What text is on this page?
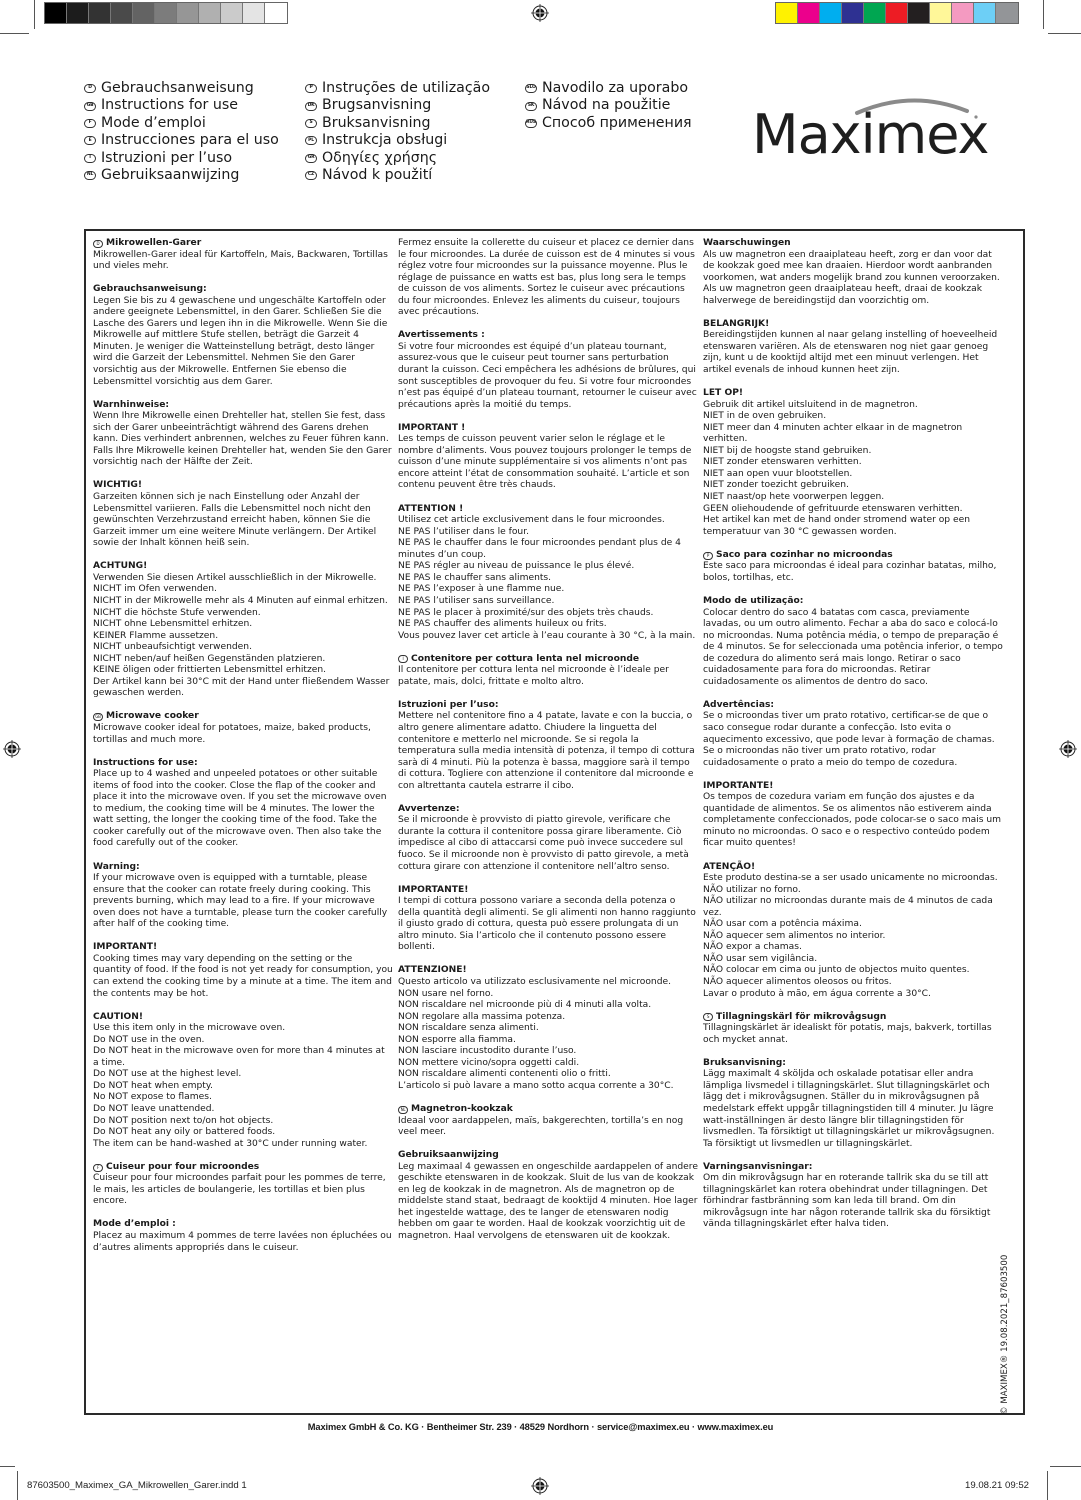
D Gebrauchsanweisung
GB Instructions for use
F Mode d’emploi
E Instrucciones para el uso
I Istruzioni per l’uso
NL Gebruiksaanwijzing
P Instruções de utilização
DK Brugsanvisning
S Bruksanvisning
PL Instrukcja obsługi
GR Οδηγίες χρήσης
CZ Návod k použití
SLO Navodilo za uporabo
SK Návod na použitie
RUS Способ применения Maximex
D Mikrowellen-Garer

Mikrowellen-Garer ideal für Kartoffeln, Mais, Backwaren, Tortillas und vieles mehr.

Gebrauchsanweisung:

Legen Sie bis zu 4 gewaschene und ungeschälte Kartoffeln oder andere geeignete Lebensmittel, in den Garer. Schließen Sie die Lasche des Garers und legen ihn in die Mikrowelle. Wenn Sie die Mikrowelle auf mittlere Stufe stellen, beträgt die Garzeit 4 Minuten. Je weniger die Watteinstellung beträgt, desto länger wird die Garzeit der Lebensmittel. Nehmen Sie den Garer vorsichtig aus der Mikrowelle. Entfernen Sie ebenso die Lebensmittel vorsichtig aus dem Garer.

Warnhinweise:

Wenn Ihre Mikrowelle einen Drehteller hat, stellen Sie fest, dass sich der Garer unbeeinträchtigt während des Garens drehen kann. Dies verhindert anbrennen, welches zu Feuer führen kann. Falls Ihre Mikrowelle keinen Drehteller hat, wenden Sie den Garer vorsichtig nach der Hälfte der Zeit.

WICHTIG!

Garzeiten können sich je nach Einstellung oder Anzahl der Lebensmittel variieren. Falls die Lebensmittel noch nicht den gewünschten Verzehrzustand erreicht haben, können Sie die Garzeit immer um eine weitere Minute verlängern. Der Artikel sowie der Inhalt können heiß sein.

ACHTUNG!

Verwenden Sie diesen Artikel ausschließlich in der Mikrowelle.

NICHT im Ofen verwenden.

NICHT in der Mikrowelle mehr als 4 Minuten auf einmal erhitzen.

NICHT die höchste Stufe verwenden.

NICHT ohne Lebensmittel erhitzen.

KEINER Flamme aussetzen.

NICHT unbeaufsichtigt verwenden.

NICHT neben/auf heißen Gegenständen platzieren.

KEINE öligen oder frittierten Lebensmittel erhitzen.

Der Artikel kann bei 30°C mit der Hand unter fließendem Wasser gewaschen werden.

GB Microwave cooker

Microwave cooker ideal for potatoes, maize, baked products, tortillas and much more.

Instructions for use:

Place up to 4 washed and unpeeled potatoes or other suitable items of food into the cooker. Close the flap of the cooker and place it into the microwave oven. If you set the microwave oven to medium, the cooking time will be 4 minutes. The lower the watt setting, the longer the cooking time of the food. Take the cooker carefully out of the microwave oven. Then also take the food carefully out of the cooker.

Warning:

If your microwave oven is equipped with a turntable, please ensure that the cooker can rotate freely during cooking. This prevents burning, which may lead to a fire. If your microwave oven does not have a turntable, please turn the cooker carefully after half of the cooking time.

IMPORTANT!

Cooking times may vary depending on the setting or the quantity of food. If the food is not yet ready for consumption, you can extend the cooking time by a minute at a time. The item and the contents may be hot.

CAUTION!

Use this item only in the microwave oven.

Do NOT use in the oven.

Do NOT heat in the microwave oven for more than 4 minutes at a time.

Do NOT use at the highest level.

Do NOT heat when empty.

No NOT expose to flames.

Do NOT leave unattended.

Do NOT position next to/on hot objects.

Do NOT heat any oily or battered foods.

The item can be hand-washed at 30°C under running water.

F Cuiseur pour four microondes

Cuiseur pour four microondes parfait pour les pommes de terre, le mais, les articles de boulangerie, les tortillas et bien plus encore.

Mode d’emploi :

Placez au maximum 4 pommes de terre lavées non épluchées ou d’autres aliments appropriés dans le cuiseur.

Fermez ensuite la collerette du cuiseur et placez ce dernier dans le four microondes. La durée de cuisson est de 4 minutes si vous réglez votre four microondes sur la puissance moyenne. Plus le réglage de puissance en watts est bas, plus long sera le temps de cuisson de vos aliments. Sortez le cuiseur avec précautions du four microondes. Enlevez les aliments du cuiseur, toujours avec précautions.

Avertissements :

Si votre four microondes est équipé d’un plateau tournant, assurez-vous que le cuiseur peut tourner sans perturbation durant la cuisson. Ceci empêchera les adhésions de brûlures, qui sont susceptibles de provoquer du feu. Si votre four microondes n’est pas équipé d’un plateau tournant, retourner le cuiseur avec précautions après la moitié du temps.

IMPORTANT !

Les temps de cuisson peuvent varier selon le réglage et le nombre d’aliments. Vous pouvez toujours prolonger le temps de cuisson d’une minute supplémentaire si vos aliments n’ont pas encore atteint l’état de consommation souhaité. L’article et son contenu peuvent être très chauds.

ATTENTION !

Utilisez cet article exclusivement dans le four microondes.

NE PAS l’utiliser dans le four.

NE PAS le chauffer dans le four microondes pendant plus de 4 minutes d’un coup.

NE PAS régler au niveau de puissance le plus élevé.

NE PAS le chauffer sans aliments.

NE PAS l’exposer à une flamme nue.

NE PAS l’utiliser sans surveillance.

NE PAS le placer à proximité/sur des objets très chauds.

NE PAS chauffer des aliments huileux ou frits.

Vous pouvez laver cet article à l’eau courante à 30 °C, à la main.

I Contenitore per cottura lenta nel microonde

Il contenitore per cottura lenta nel microonde è l’ideale per patate, mais, dolci, frittate e molto altro.

Istruzioni per l’uso:

Mettere nel contenitore fino a 4 patate, lavate e con la buccia, o altro genere alimentare adatto. Chiudere la linguetta del contenitore e metterlo nel microonde. Se si regola la temperatura sulla media intensità di potenza, il tempo di cottura sarà di 4 minuti. Più la potenza è bassa, maggiore sarà il tempo di cottura. Togliere con attenzione il contenitore dal microonde e con altrettanta cautela estrarre il cibo.

Avvertenze:

Se il microonde è provvisto di piatto girevole, verificare che durante la cottura il contenitore possa girare liberamente. Ciò impedisce al cibo di attaccarsi come può invece succedere sul fuoco. Se il microonde non è provvisto di patto girevole, a metà cottura girare con attenzione il contenitore nell’altro senso.

IMPORTANTE!

I tempi di cottura possono variare a seconda della potenza o della quantità degli alimenti. Se gli alimenti non hanno raggiunto il giusto grado di cottura, questa può essere prolungata di un altro minuto. Sia l’articolo che il contenuto possono essere bollenti.

ATTENZIONE!

Questo articolo va utilizzato esclusivamente nel microonde.

NON usare nel forno.

NON riscaldare nel microonde più di 4 minuti alla volta.

NON regolare alla massima potenza.

NON riscaldare senza alimenti.

NON esporre alla fiamma.

NON lasciare incustodito durante l’uso.

NON mettere vicino/sopra oggetti caldi.

NON riscaldare alimenti contenenti olio o fritti.

L’articolo si può lavare a mano sotto acqua corrente a 30°C.

NL Magnetron-kookzak

Ideaal voor aardappelen, maïs, bakgerechten, tortilla’s en nog veel meer.

Gebruiksaanwijzing

Leg maximaal 4 gewassen en ongeschilde aardappelen of andere geschikte etenswaren in de kookzak. Sluit de lus van de kookzak en leg de kookzak in de magnetron. Als de magnetron op de middelste stand staat, bedraagt de kooktijd 4 minuten. Hoe lager het ingestelde wattage, des te langer de etenswaren nodig hebben om gaar te worden. Haal de kookzak voorzichtig uit de magnetron. Haal vervolgens de etenswaren uit de kookzak.

Waarschuwingen

Als uw magnetron een draaiplateau heeft, zorg er dan voor dat de kookzak goed mee kan draaien. Hierdoor wordt aanbranden voorkomen, wat anders mogelijk brand zou kunnen veroorzaken. Als uw magnetron geen draaiplateau heeft, draai de kookzak halverwege de bereidingstijd dan voorzichtig om.

BELANGRIJK!

Bereidingstijden kunnen al naar gelang instelling of hoeveelheid etenswaren variëren. Als de etenswaren nog niet gaar genoeg zijn, kunt u de kooktijd altijd met een minuut verlengen. Het artikel evenals de inhoud kunnen heet zijn.

LET OP!

Gebruik dit artikel uitsluitend in de magnetron.

NIET in de oven gebruiken.

NIET meer dan 4 minuten achter elkaar in de magnetron verhitten.

NIET bij de hoogste stand gebruiken.

NIET zonder etenswaren verhitten.

NIET aan open vuur blootstellen.

NIET zonder toezicht gebruiken.

NIET naast/op hete voorwerpen leggen.

GEEN oliehoudende of gefrituurde etenswaren verhitten.

Het artikel kan met de hand onder stromend water op een temperatuur van 30 °C gewassen worden.

P Saco para cozinhar no microondas

Este saco para microondas é ideal para cozinhar batatas, milho, bolos, tortilhas, etc.

Modo de utilização:

Colocar dentro do saco 4 batatas com casca, previamente lavadas, ou um outro alimento. Fechar a aba do saco e colocá-lo no microondas. Numa potência média, o tempo de preparação é de 4 minutos. Se for seleccionada uma potência inferior, o tempo de cozedura do alimento será mais longo. Retirar o saco cuidadosamente para fora do microondas. Retirar cuidadosamente os alimentos de dentro do saco.

Advertências:

Se o microondas tiver um prato rotativo, certificar-se de que o saco consegue rodar durante a confecção. Isto evita o aquecimento excessivo, que pode levar à formação de chamas. Se o microondas não tiver um prato rotativo, rodar cuidadosamente o prato a meio do tempo de cozedura.

IMPORTANTE!

Os tempos de cozedura variam em função dos ajustes e da quantidade de alimentos. Se os alimentos não estiverem ainda completamente confeccionados, pode colocar-se o saco mais um minuto no microondas. O saco e o respectivo conteúdo podem ficar muito quentes!

ATENÇÃO!

Este produto destina-se a ser usado unicamente no microondas.

NÃO utilizar no forno.

NÃO utilizar no microondas durante mais de 4 minutos de cada vez.

NÃO usar com a potência máxima.

NÃO aquecer sem alimentos no interior.

NÃO expor a chamas.

NÃO usar sem vigilância.

NÃO colocar em cima ou junto de objectos muito quentes.

NÃO aquecer alimentos oleosos ou fritos.

Lavar o produto à mão, em água corrente a 30°C.

S Tillagningskärl för mikrovågsugn

Tillagningskärlet är idealiskt för potatis, majs, bakverk, tortillas och mycket annat.

Bruksanvisning:

Lägg maximalt 4 sköljda och oskalade potatisar eller andra lämpliga livsmedel i tillagningskärlet. Slut tillagningskärlet och lägg det i mikrovågsugnen. Ställer du in mikrovågsugnen på medelstark effekt uppgår tillagningstiden till 4 minuter. Ju lägre watt-inställningen är desto längre blir tillagningstiden för livsmedlen. Ta försiktigt ut tillagningskärlet ur mikrovågsugnen. Ta försiktigt ut livsmedlen ur tillagningskärlet.

Varningsanvisningar:

Om din mikrovågsugn har en roterande tallrik ska du se till att tillagningskärlet kan rotera obehindrat under tillagningen. Det förhindrar fastbränning som kan leda till brand. Om din mikrovågsugn inte har någon roterande tallrik ska du försiktigt vända tillagningskärlet efter halva tiden.

© MAXIMEX® 19.08.2021_87603500
Maximex GmbH & Co. KG · Bentheimer Str. 239 · 48529 Nordhorn · service@maximex.eu · www.maximex.eu
87603500_Maximex_GA_Mikrowellen_Garer.indd 1	19.08.21 09:52
